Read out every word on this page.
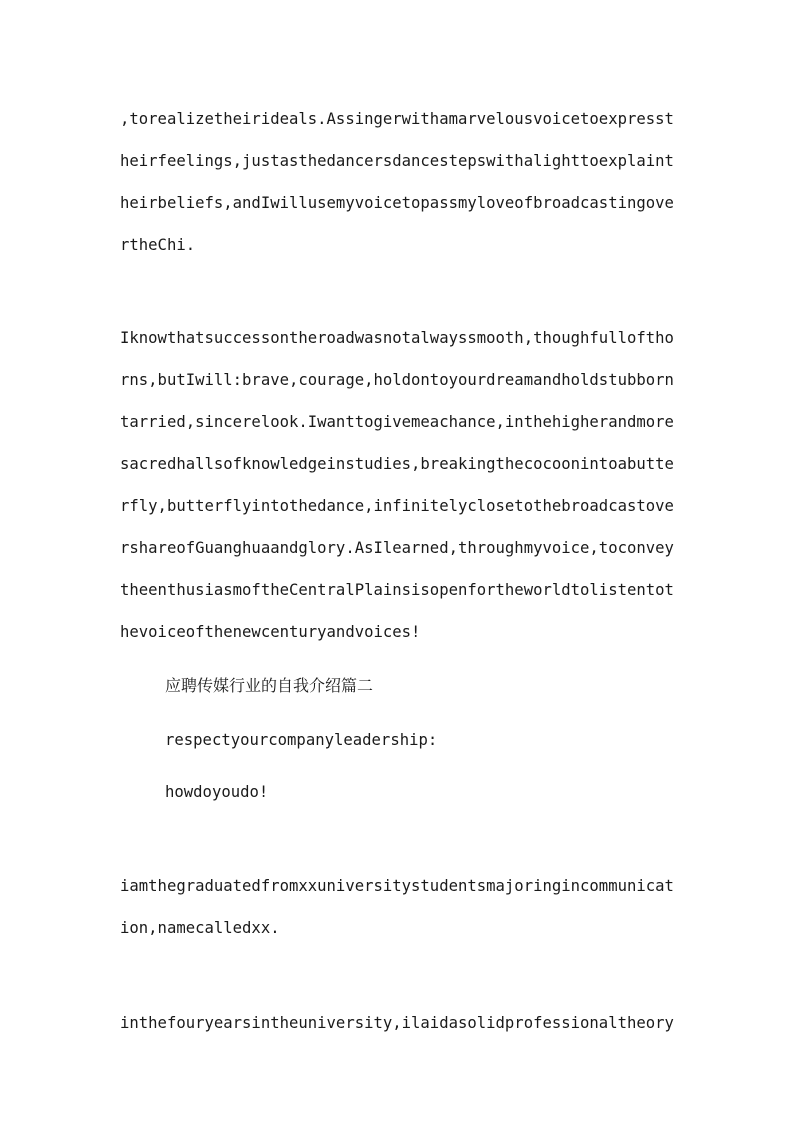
,torealizetheirideals.Assingerwithamarvelousvoicetoexpresst

heirfeelings,justasthedancersdancestepswithalighttoexplaint

heirbeliefs,andIwillusemyvoicetopassmyloveofbroadcastingove

rtheChi.

Iknowthatsuccessontheroadwasnotalwayssmooth,thoughfullofthо

rns,butIwill:brave,courage,holdontoyourdreamandholdstubborn

tarried,sincerelook.Iwanttogivemeachance,inthehigherandmore

sacredhallsofknowledgeinstudies,breakingthecocoonintoabutte

rfly,butterflyintothedance,infinitelyclosetothebroadcastove

rshareofGuanghuaandglory.AsIlearned,throughmyvoice,toconvey

theenthusiasmoftheCentralPlainsisopenfortheworldtolistentot

hevoiceofthenewcenturyandvoices!

应聘传媒行业的自我介绍篇二

respectyourcompanyleadership:

howdoyoudo!

iamthegraduatedfromxxuniversitystudentsmajoringincommunicat

ion,namecalledxx.

inthefouryearsintheuniversity,ilaidasolidprofessionaltheory
